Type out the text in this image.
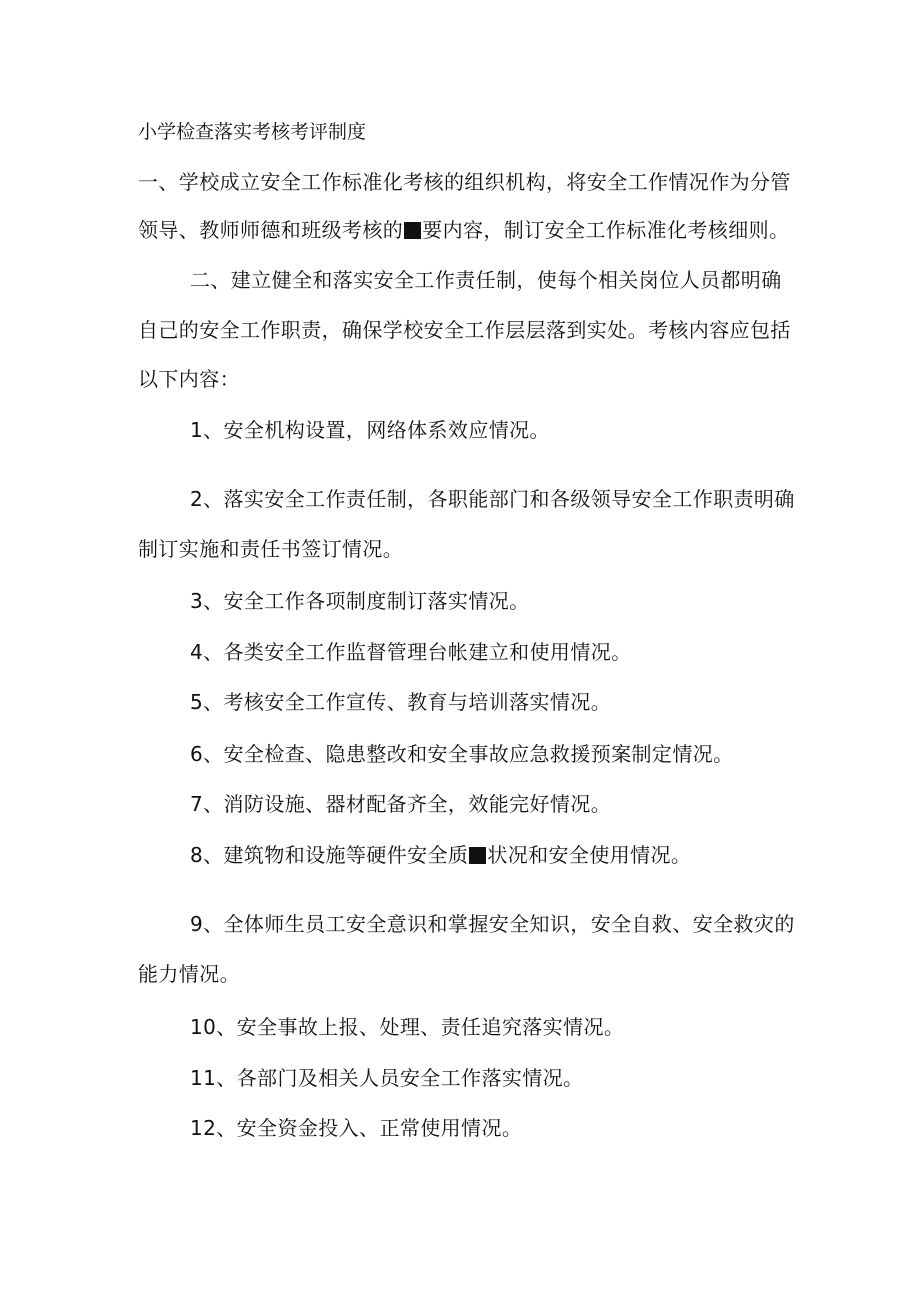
小学检查落实考核考评制度
一、学校成立安全工作标准化考核的组织机构，将安全工作情况作为分管
领导、教师师德和班级考核的 要内容，制订安全工作标准化考核细则。
二、建立健全和落实安全工作责任制，使每个相关岗位人员都明确
自己的安全工作职责，确保学校安全工作层层落到实处。考核内容应包括
以下内容：
1、安全机构设置，网络体系效应情况。
2、落实安全工作责任制，各职能部门和各级领导安全工作职责明确
制订实施和责任书签订情况。
3、安全工作各项制度制订落实情况。
4、各类安全工作监督管理台帐建立和使用情况。
5、考核安全工作宣传、教育与培训落实情况。
6、安全检查、隐患整改和安全事故应急救援预案制定情况。
7、消防设施、器材配备齐全，效能完好情况。
8、建筑物和设施等硬件安全质 状况和安全使用情况。
9、全体师生员工安全意识和掌握安全知识，安全自救、安全救灾的
能力情况。
10、安全事故上报、处理、责任追究落实情况。
11、各部门及相关人员安全工作落实情况。
12、安全资金投入、正常使用情况。
